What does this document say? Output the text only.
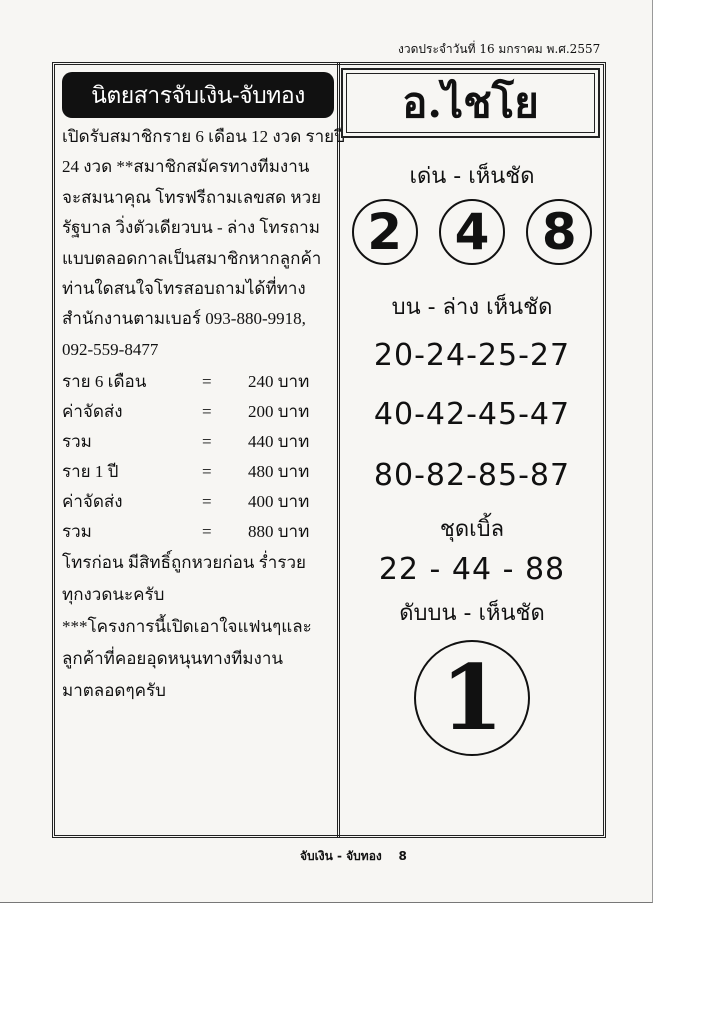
งวดประจำวันที่ 16 มกราคม พ.ศ.2557
นิตยสารจับเงิน-จับทอง
เปิดรับสมาชิกราย 6 เดือน 12 งวด รายปี
24 งวด **สมาชิกสมัครทางทีมงาน
จะสมนาคุณ โทรฟรีถามเลขสด หวย
รัฐบาล วิ่งตัวเดียวบน - ล่าง โทรถาม
แบบตลอดกาลเป็นสมาชิกหากลูกค้า
ท่านใดสนใจโทรสอบถามได้ที่ทาง
สำนักงานตามเบอร์ 093-880-9918,
092-559-8477
ราย 6 เดือน	=	240 บาท
ค่าจัดส่ง	=	200 บาท
รวม	=	440 บาท
ราย 1 ปี	=	480 บาท
ค่าจัดส่ง	=	400 บาท
รวม	=	880 บาท
โทรก่อน มีสิทธิ์ถูกหวยก่อน ร่ำรวย
ทุกงวดนะครับ
***โครงการนี้เปิดเอาใจแฟนๆและ
ลูกค้าที่คอยอุดหนุนทางทีมงาน
มาตลอดๆครับ
อ.ไชโย
เด่น - เห็นชัด
2	4	8
บน - ล่าง เห็นชัด
20-24-25-27
40-42-45-47
80-82-85-87
ชุดเบิ้ล
22 - 44 - 88
ดับบน - เห็นชัด
1
จับเงิน - จับทอง 8
